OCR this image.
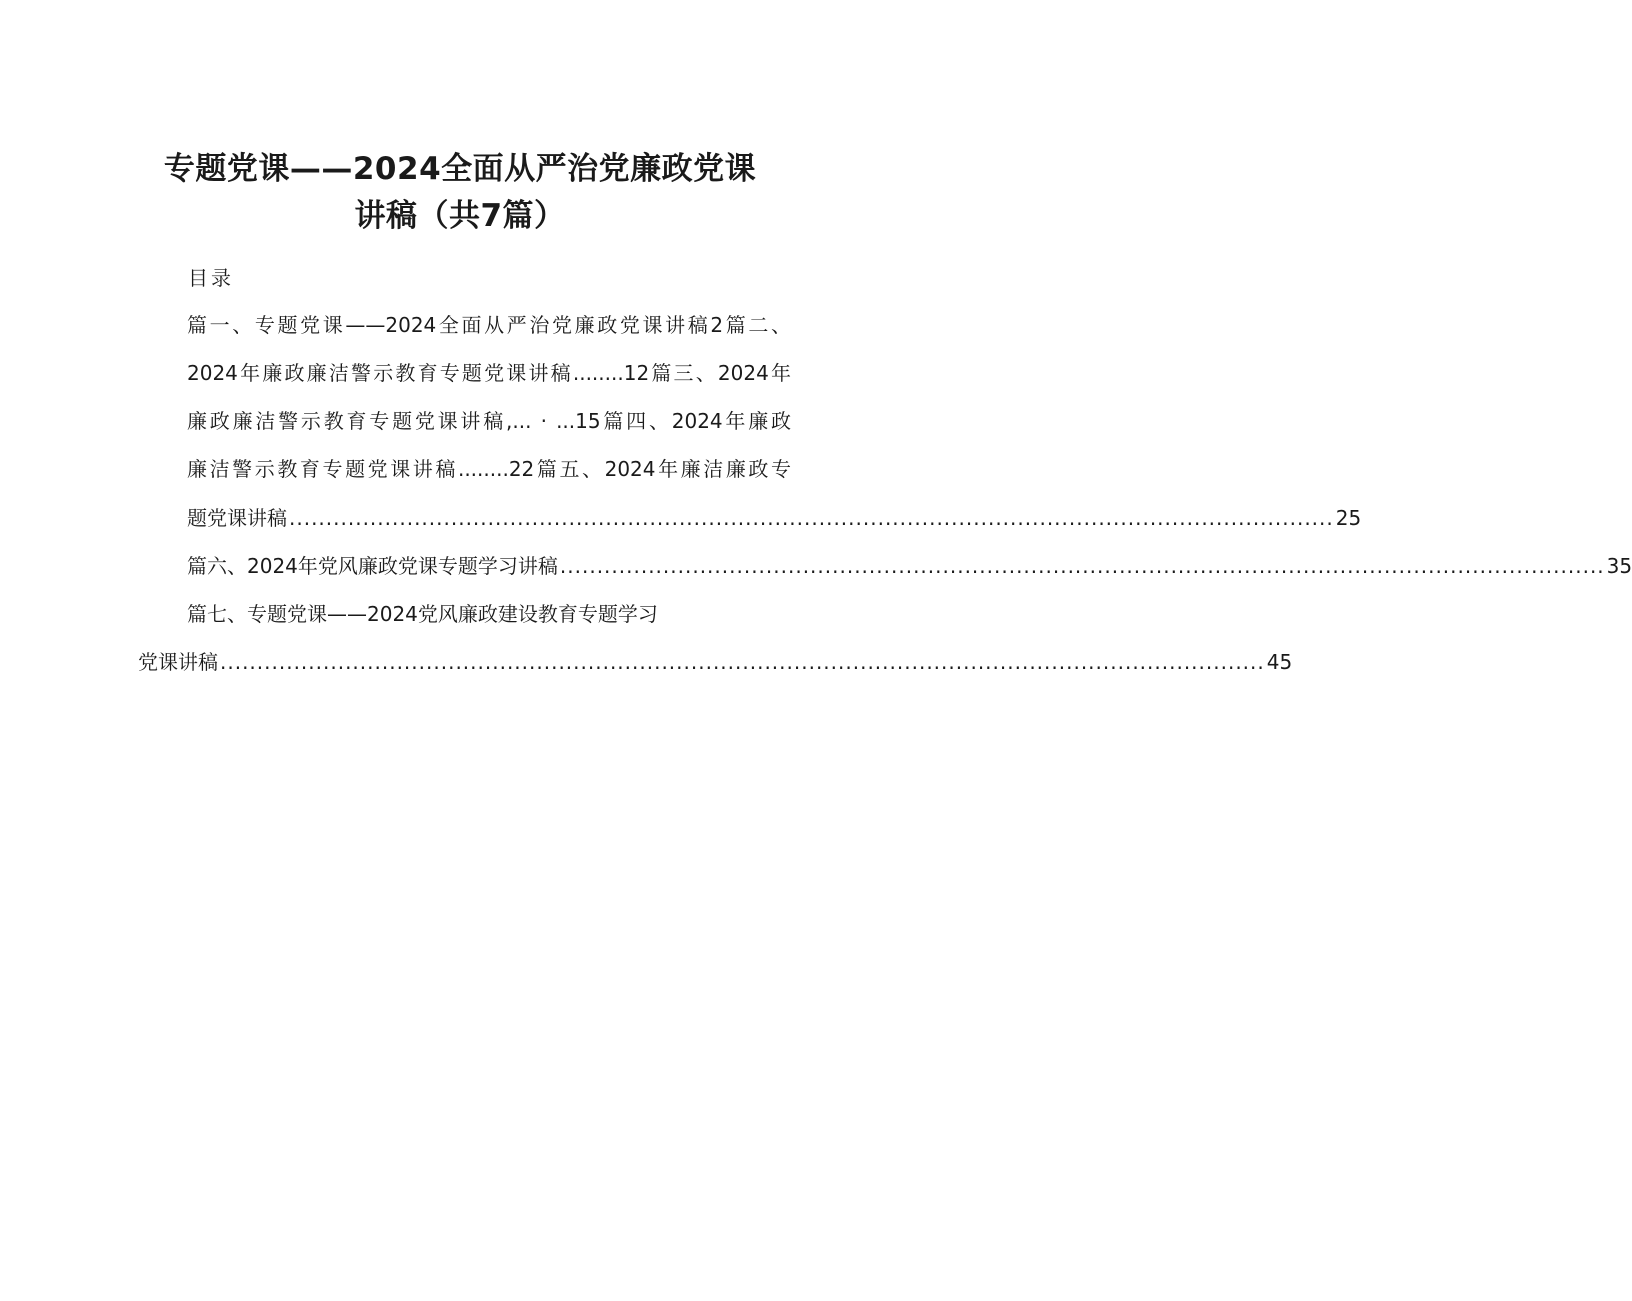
专题党课——2024全面从严治党廉政党课
讲稿（共7篇）
目录
篇一、专题党课——2024全面从严治党廉政党课讲稿2篇二、
2024年廉政廉洁警示教育专题党课讲稿........12篇三、2024年
廉政廉洁警示教育专题党课讲稿,... · ...15篇四、2024年廉政
廉洁警示教育专题党课讲稿........22篇五、2024年廉洁廉政专
题党课讲稿 .............................................................................................................................................. 25
篇六、2024年党风廉政党课专题学习讲稿 .............................................................................................................................................. 35
篇七、专题党课——2024党风廉政建设教育专题学习
党课讲稿 .............................................................................................................................................. 45
